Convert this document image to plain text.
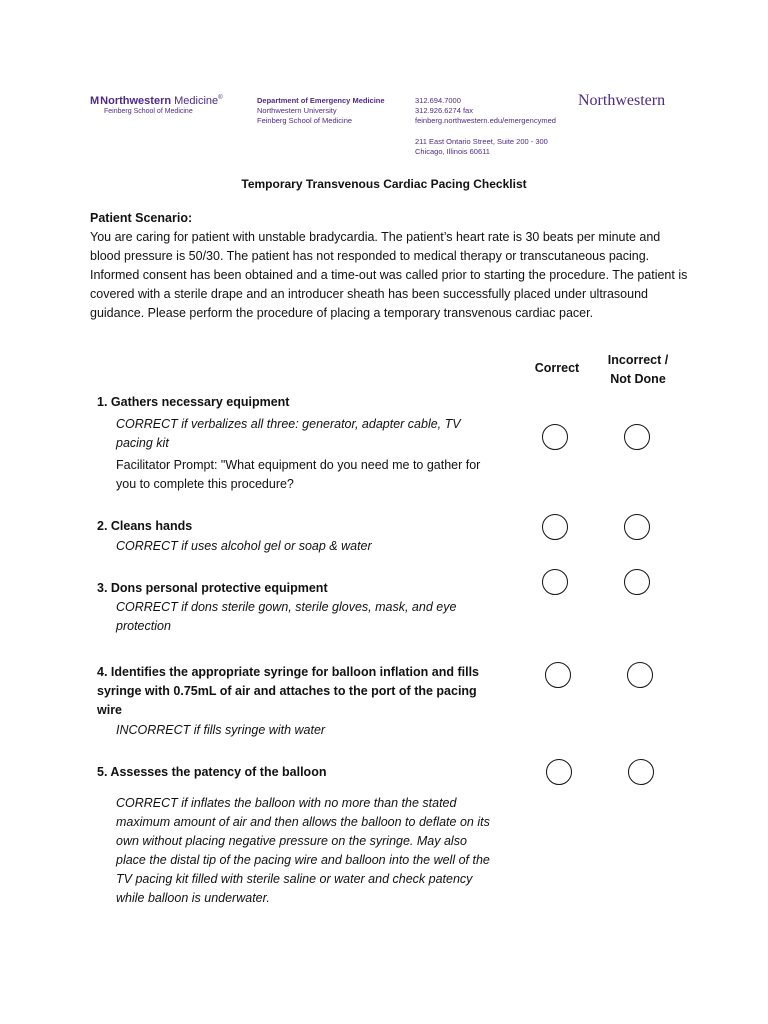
M Northwestern Medicine®
Feinberg School of Medicine
Department of Emergency Medicine
Northwestern University
Feinberg School of Medicine
312.694.7000
312.926.6274 fax
feinberg.northwestern.edu/emergencymed
211 East Ontario Street, Suite 200 - 300
Chicago, Illinois 60611
Northwestern
Temporary Transvenous Cardiac Pacing Checklist
Patient Scenario:
You are caring for patient with unstable bradycardia. The patient’s heart rate is 30 beats per minute and blood pressure is 50/30. The patient has not responded to medical therapy or transcutaneous pacing. Informed consent has been obtained and a time-out was called prior to starting the procedure. The patient is covered with a sterile drape and an introducer sheath has been successfully placed under ultrasound guidance. Please perform the procedure of placing a temporary transvenous cardiac pacer.
Correct
Incorrect / Not Done
1. Gathers necessary equipment
CORRECT if verbalizes all three: generator, adapter cable, TV pacing kit
Facilitator Prompt: "What equipment do you need me to gather for you to complete this procedure?
2. Cleans hands
CORRECT if uses alcohol gel or soap & water
3. Dons personal protective equipment
CORRECT if dons sterile gown, sterile gloves, mask, and eye protection
4. Identifies the appropriate syringe for balloon inflation and fills syringe with 0.75mL of air and attaches to the port of the pacing wire
INCORRECT if fills syringe with water
5. Assesses the patency of the balloon
CORRECT if inflates the balloon with no more than the stated maximum amount of air and then allows the balloon to deflate on its own without placing negative pressure on the syringe. May also place the distal tip of the pacing wire and balloon into the well of the TV pacing kit filled with sterile saline or water and check patency while balloon is underwater.
